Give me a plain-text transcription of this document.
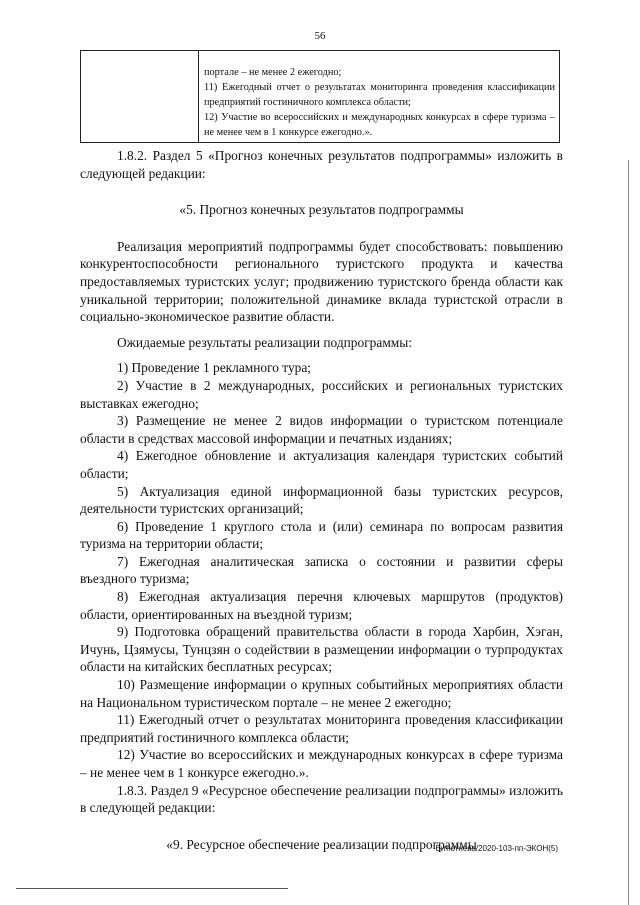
56

портале – не менее 2 ежегодно;

11) Ежегодный отчет о результатах мониторинга проведения классификации предприятий гостиничного комплекса области;

12) Участие во всероссийских и международных конкурсах в сфере туризма – не менее чем в 1 конкурсе ежегодно.».

1.8.2. Раздел 5 «Прогноз конечных результатов подпрограммы» изложить в следующей редакции:

«5. Прогноз конечных результатов подпрограммы

Реализация мероприятий подпрограммы будет способствовать: повышению конкурентоспособности регионального туристского продукта и качества предоставляемых туристских услуг; продвижению туристского бренда области как уникальной территории; положительной динамике вклада туристской отрасли в социально-экономическое развитие области.

Ожидаемые результаты реализации подпрограммы:

1) Проведение 1 рекламного тура;

2) Участие в 2 международных, российских и региональных туристских выставках ежегодно;

3) Размещение не менее 2 видов информации о туристском потенциале области в средствах массовой информации и печатных изданиях;

4) Ежегодное обновление и актуализация календаря туристских событий области;

5) Актуализация единой информационной базы туристских ресурсов, деятельности туристских организаций;

6) Проведение 1 круглого стола и (или) семинара по вопросам развития туризма на территории области;

7) Ежегодная аналитическая записка о состоянии и развитии сферы въездного туризма;

8) Ежегодная актуализация перечня ключевых маршрутов (продуктов) области, ориентированных на въездной туризм;

9) Подготовка обращений правительства области в города Харбин, Хэган, Ичунь, Цзямусы, Тунцзян о содействии в размещении информации о турпродуктах области на китайских бесплатных ресурсах;

10) Размещение информации о крупных событийных мероприятиях области на Национальном туристическом портале – не менее 2 ежегодно;

11) Ежегодный отчет о результатах мониторинга проведения классификации предприятий гостиничного комплекса области;

12) Участие во всероссийских и международных конкурсах в сфере туризма – не менее чем в 1 конкурсе ежегодно.».

1.8.3. Раздел 9 «Ресурсное обеспечение реализации подпрограммы» изложить в следующей редакции:

«9. Ресурсное обеспечение реализации подпрограммы

Витютнева/2020-103-пп-ЭКОН(5)
